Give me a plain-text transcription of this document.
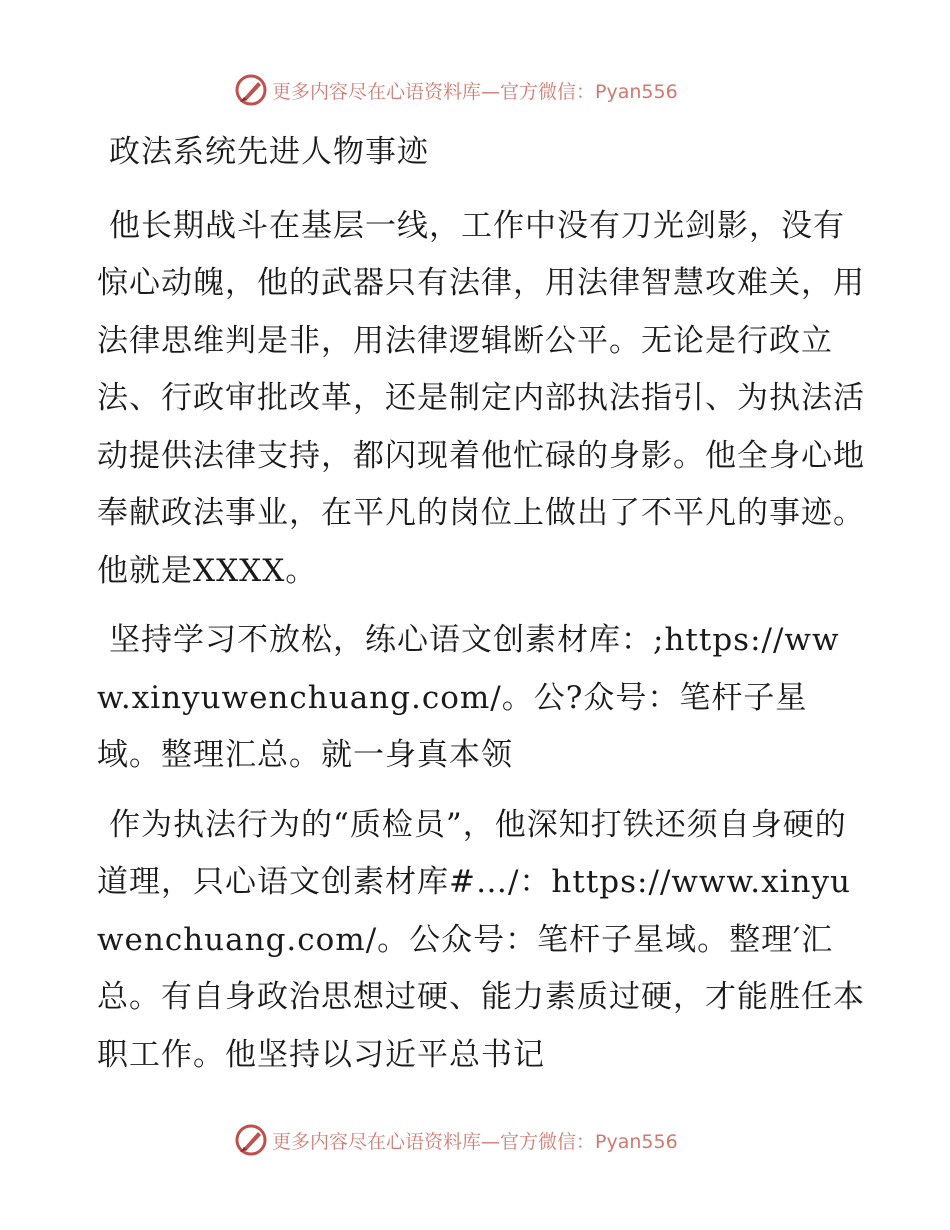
更多内容尽在心语资料库—官方微信：Pyan556

政法系统先进人物事迹

他长期战斗在基层一线，工作中没有刀光剑影，没有惊心动魄，他的武器只有法律，用法律智慧攻难关，用法律思维判是非，用法律逻辑断公平。无论是行政立法、行政审批改革，还是制定内部执法指引、为执法活动提供法律支持，都闪现着他忙碌的身影。他全身心地奉献政法事业，在平凡的岗位上做出了不平凡的事迹。他就是XXXX。

坚持学习不放松，练心语文创素材库：;https://www.xinyuwenchuang.com/。公?众号：笔杆子星域。整理汇总。就一身真本领

作为执法行为的“质检员”，他深知打铁还须自身硬的道理，只心语文创素材库#…/：https://www.xinyuwenchuang.com/。公众号：笔杆子星域。整理′汇总。有自身政治思想过硬、能力素质过硬，才能胜任本职工作。他坚持以习近平总书记

更多内容尽在心语资料库—官方微信：Pyan556
